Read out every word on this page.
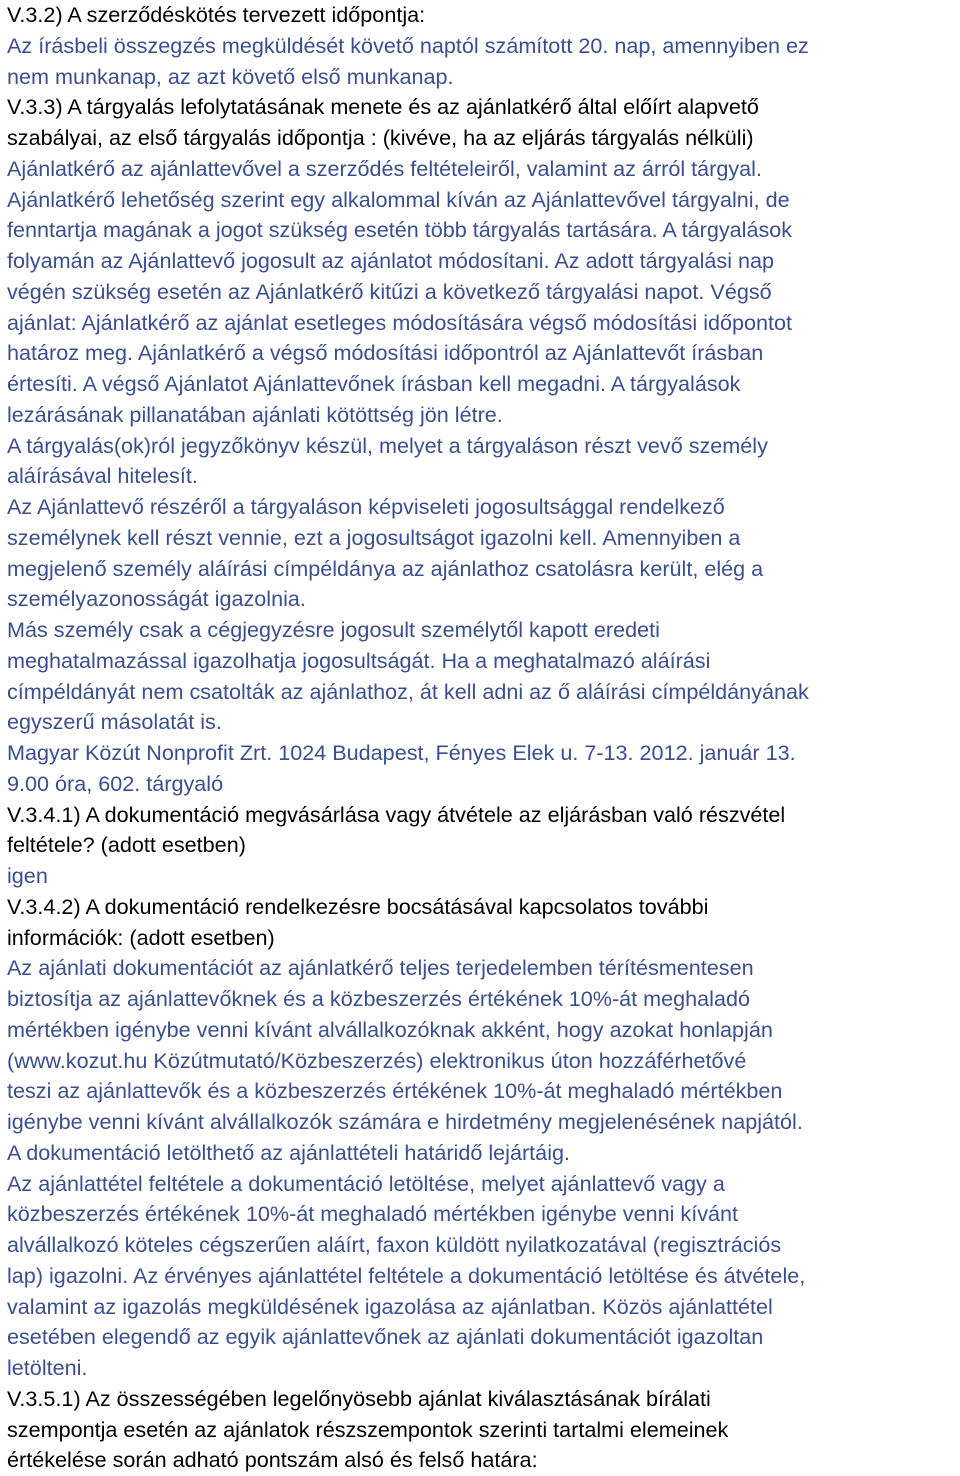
V.3.2) A szerződéskötés tervezett időpontja:
Az írásbeli összegzés megküldését követő naptól számított 20. nap, amennyiben ez
nem munkanap, az azt követő első munkanap.
V.3.3) A tárgyalás lefolytatásának menete és az ajánlatkérő által előírt alapvető
szabályai, az első tárgyalás időpontja : (kivéve, ha az eljárás tárgyalás nélküli)
Ajánlatkérő az ajánlattevővel a szerződés feltételeiről, valamint az árról tárgyal.
Ajánlatkérő lehetőség szerint egy alkalommal kíván az Ajánlattevővel tárgyalni, de
fenntartja magának a jogot szükség esetén több tárgyalás tartására. A tárgyalások
folyamán az Ajánlattevő jogosult az ajánlatot módosítani. Az adott tárgyalási nap
végén szükség esetén az Ajánlatkérő kitűzi a következő tárgyalási napot. Végső
ajánlat: Ajánlatkérő az ajánlat esetleges módosítására végső módosítási időpontot
határoz meg. Ajánlatkérő a végső módosítási időpontról az Ajánlattevőt írásban
értesíti. A végső Ajánlatot Ajánlattevőnek írásban kell megadni. A tárgyalások
lezárásának pillanatában ajánlati kötöttség jön létre.
A tárgyalás(ok)ról jegyzőkönyv készül, melyet a tárgyaláson részt vevő személy
aláírásával hitelesít.
Az Ajánlattevő részéről a tárgyaláson képviseleti jogosultsággal rendelkező
személynek kell részt vennie, ezt a jogosultságot igazolni kell. Amennyiben a
megjelenő személy aláírási címpéldánya az ajánlathoz csatolásra került, elég a
személyazonosságát igazolnia.
Más személy csak a cégjegyzésre jogosult személytől kapott eredeti
meghatalmazással igazolhatja jogosultságát. Ha a meghatalmazó aláírási
címpéldányát nem csatolták az ajánlathoz, át kell adni az ő aláírási címpéldányának
egyszerű másolatát is.
Magyar Közút Nonprofit Zrt. 1024 Budapest, Fényes Elek u. 7-13. 2012. január 13.
9.00 óra, 602. tárgyaló
V.3.4.1) A dokumentáció megvásárlása vagy átvétele az eljárásban való részvétel
feltétele? (adott esetben)
igen
V.3.4.2) A dokumentáció rendelkezésre bocsátásával kapcsolatos további
információk: (adott esetben)
Az ajánlati dokumentációt az ajánlatkérő teljes terjedelemben térítésmentesen
biztosítja az ajánlattevőknek és a közbeszerzés értékének 10%-át meghaladó
mértékben igénybe venni kívánt alvállalkozóknak akként, hogy azokat honlapján
(www.kozut.hu Közútmutató/Közbeszerzés) elektronikus úton hozzáférhetővé
teszi az ajánlattevők és a közbeszerzés értékének 10%-át meghaladó mértékben
igénybe venni kívánt alvállalkozók számára e hirdetmény megjelenésének napjától.
A dokumentáció letölthető az ajánlattételi határidő lejártáig.
Az ajánlattétel feltétele a dokumentáció letöltése, melyet ajánlattevő vagy a
közbeszerzés értékének 10%-át meghaladó mértékben igénybe venni kívánt
alvállalkozó köteles cégszerűen aláírt, faxon küldött nyilatkozatával (regisztrációs
lap) igazolni. Az érvényes ajánlattétel feltétele a dokumentáció letöltése és átvétele,
valamint az igazolás megküldésének igazolása az ajánlatban. Közös ajánlattétel
esetében elegendő az egyik ajánlattevőnek az ajánlati dokumentációt igazoltan
letölteni.
V.3.5.1) Az összességében legelőnyösebb ajánlat kiválasztásának bírálati
szempontja esetén az ajánlatok részszempontok szerinti tartalmi elemeinek
értékelése során adható pontszám alsó és felső határa:
